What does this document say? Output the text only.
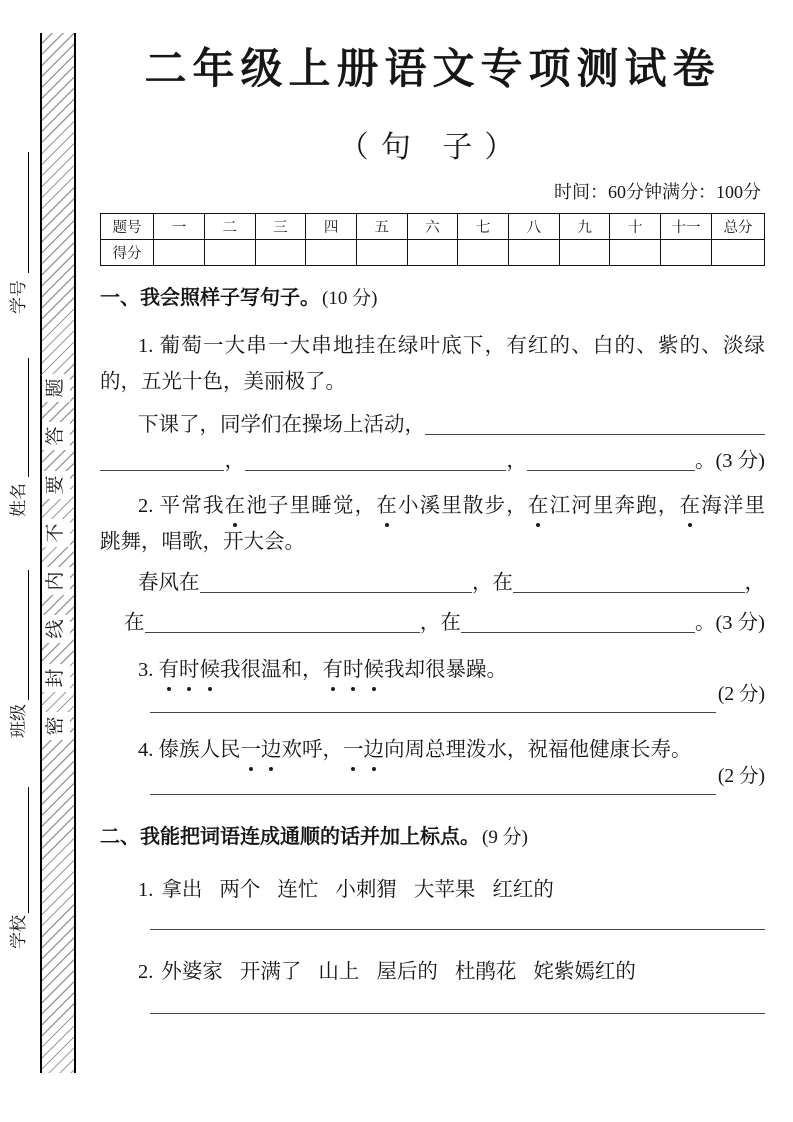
题
答
要
不
内
线
封
密
学号
姓名
班级
学校
二年级上册语文专项测试卷
（句 子）
时间：60分钟满分：100分
题号	一	二	三	四	五	六	七	八	九	十	十一	总分
得分												
一、我会照样子写句子。 (10 分)
1. 葡萄一大串一大串地挂在绿叶底下，有红的、白的、紫的、淡绿
的，五光十色，美丽极了。
下课了，同学们在操场上活动，
，	，	。(3 分)
2. 平常我在池子里睡觉，在小溪里散步，在江河里奔跑，在海洋里
跳舞，唱歌，开大会。
春风在	，在	，
在	，在	。(3 分)
3. 有时候我很温和，有时候我却很暴躁。
(2 分)
4. 傣族人民一边欢呼，一边向周总理泼水，祝福他健康长寿。
(2 分)
二、我能把词语连成通顺的话并加上标点。 (9 分)
1. 拿出 两个 连忙 小刺猬 大苹果 红红的
2. 外婆家 开满了 山上 屋后的 杜鹃花 姹紫嫣红的
